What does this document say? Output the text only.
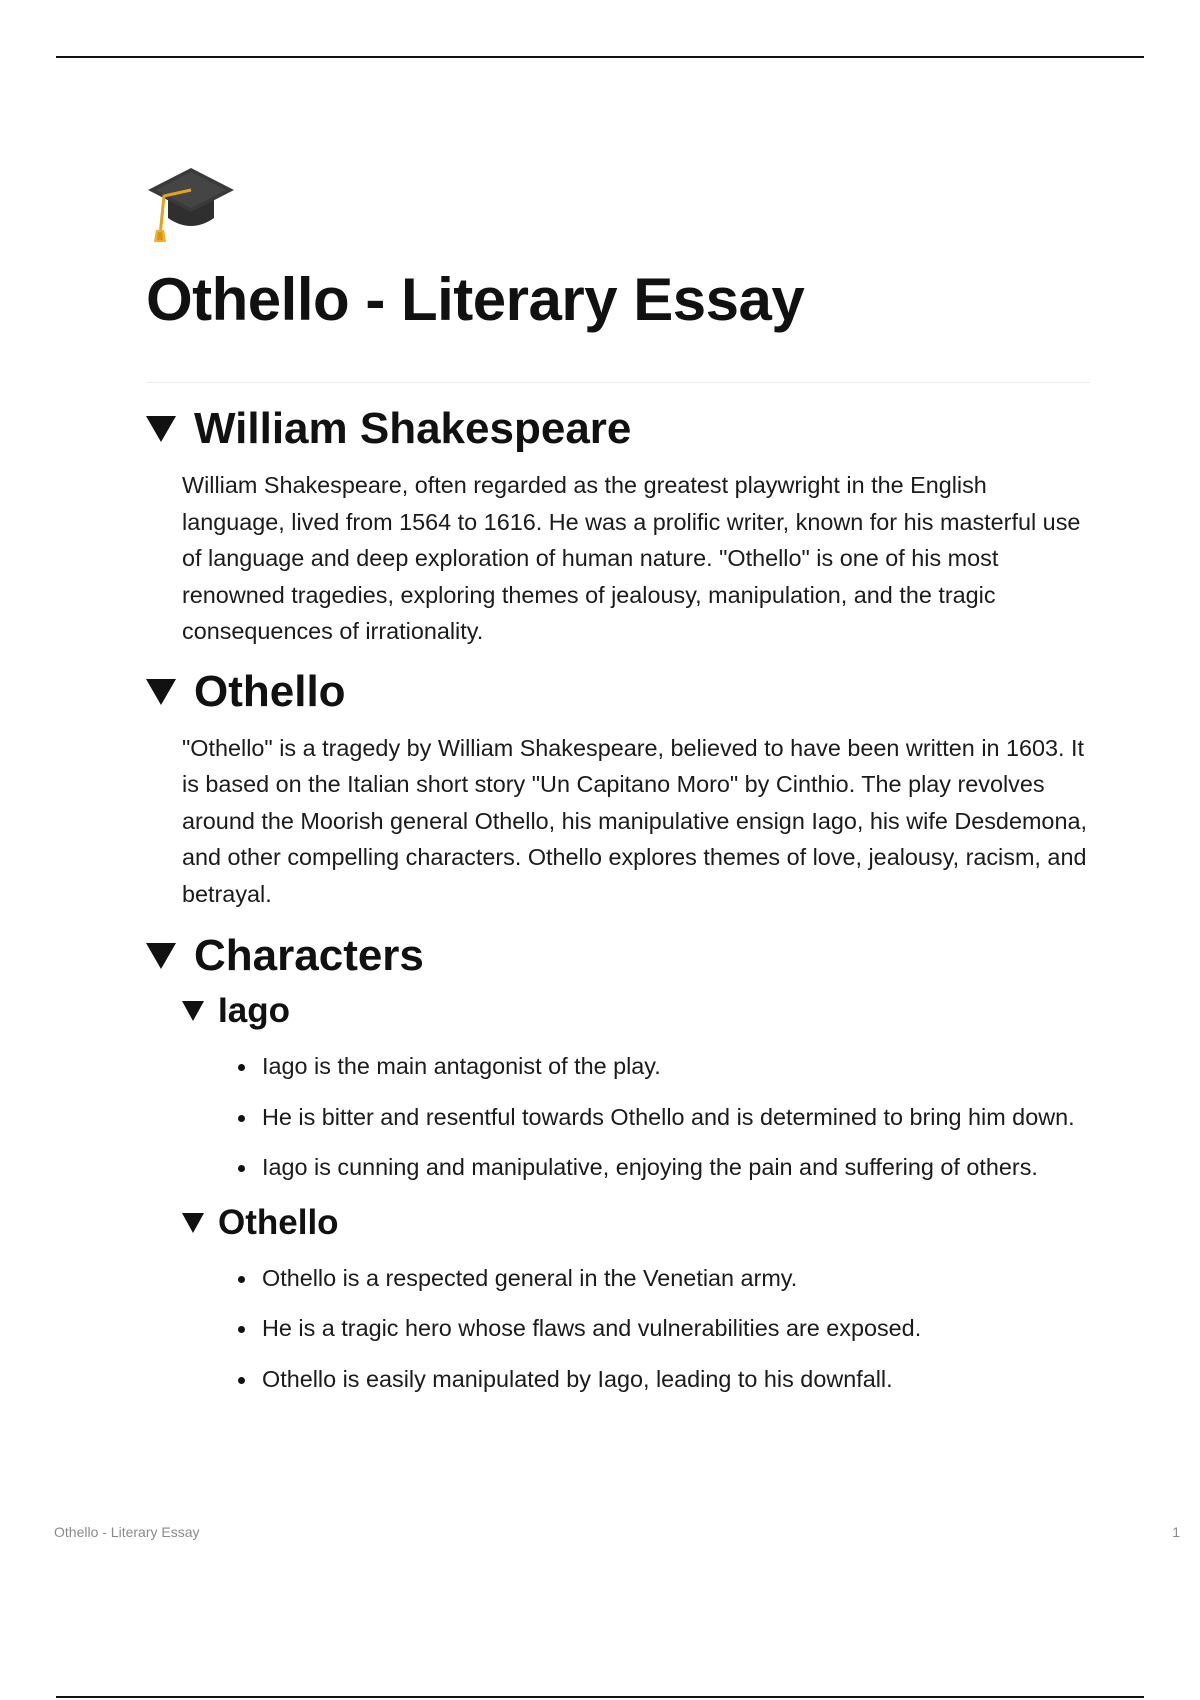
Othello - Literary Essay
William Shakespeare

William Shakespeare, often regarded as the greatest playwright in the English language, lived from 1564 to 1616. He was a prolific writer, known for his masterful use of language and deep exploration of human nature. "Othello" is one of his most renowned tragedies, exploring themes of jealousy, manipulation, and the tragic consequences of irrationality.

Othello

"Othello" is a tragedy by William Shakespeare, believed to have been written in 1603. It is based on the Italian short story "Un Capitano Moro" by Cinthio. The play revolves around the Moorish general Othello, his manipulative ensign Iago, his wife Desdemona, and other compelling characters. Othello explores themes of love, jealousy, racism, and betrayal.

Characters
Iago
Iago is the main antagonist of the play.
He is bitter and resentful towards Othello and is determined to bring him down.
Iago is cunning and manipulative, enjoying the pain and suffering of others.
Othello
Othello is a respected general in the Venetian army.
He is a tragic hero whose flaws and vulnerabilities are exposed.
Othello is easily manipulated by Iago, leading to his downfall.
Othello - Literary Essay	1
